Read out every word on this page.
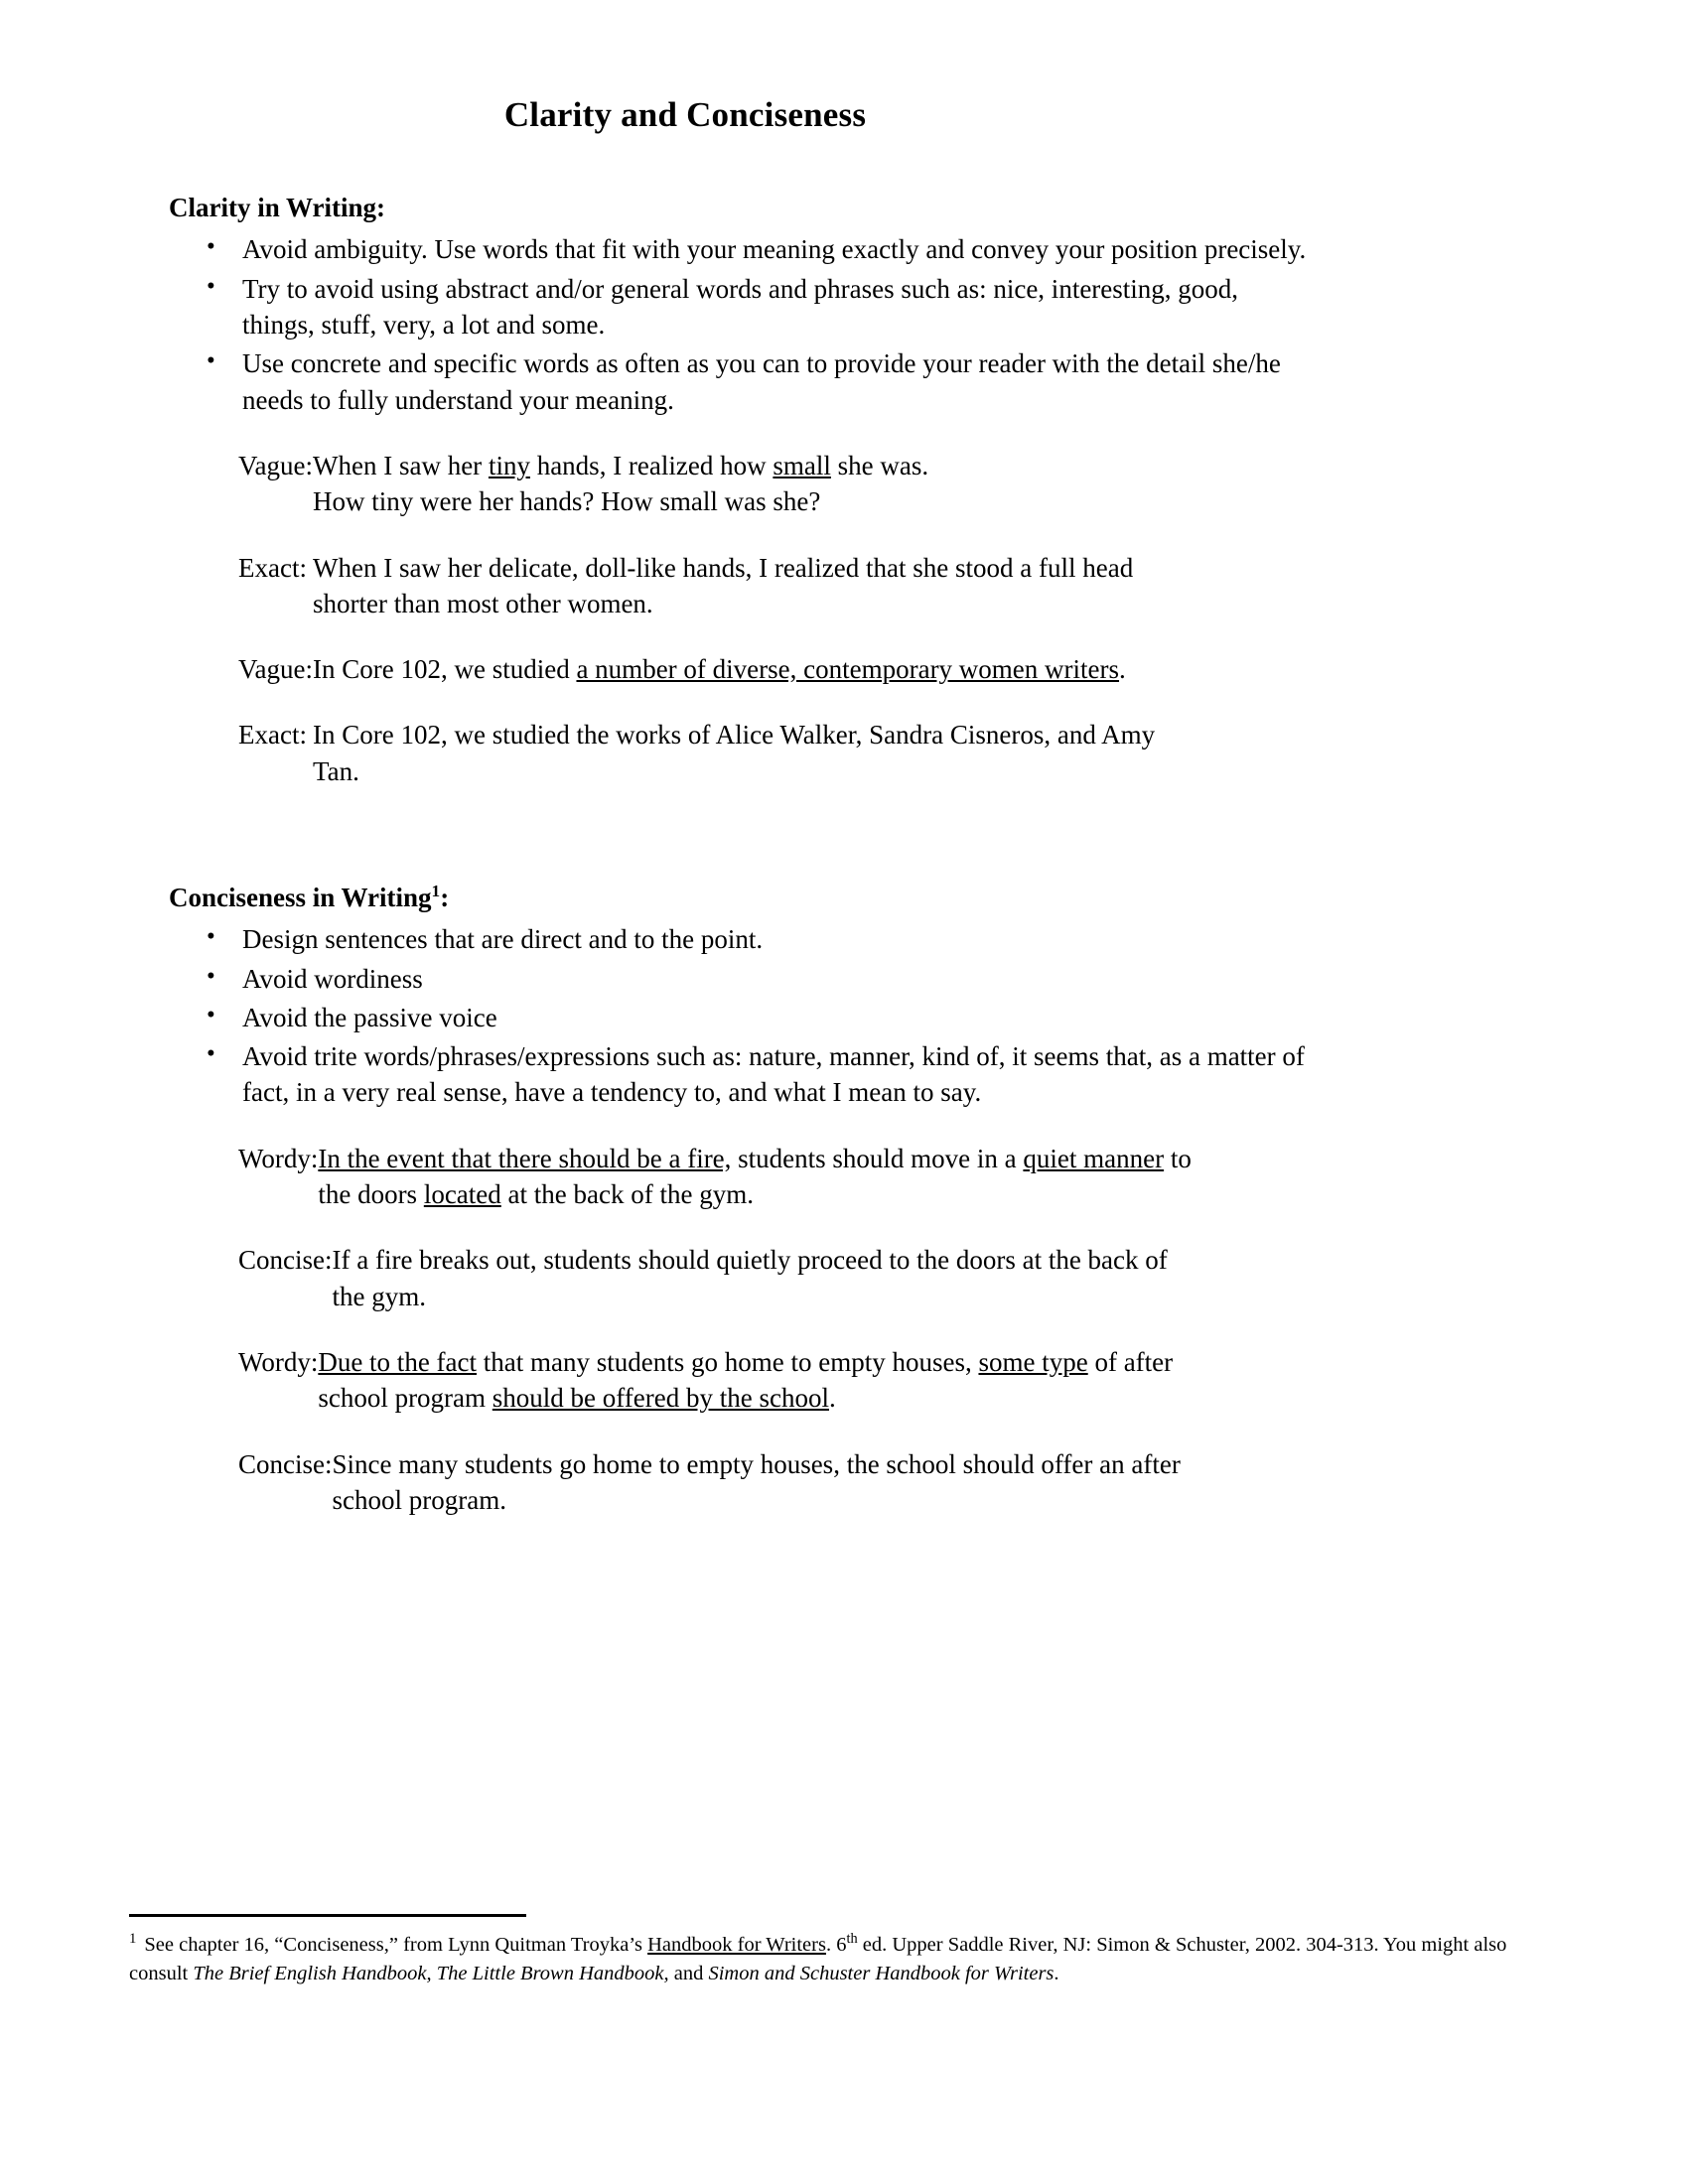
Clarity and Conciseness
Clarity in Writing:
• Avoid ambiguity. Use words that fit with your meaning exactly and convey your position precisely.
• Try to avoid using abstract and/or general words and phrases such as: nice, interesting, good, things, stuff, very, a lot and some.
• Use concrete and specific words as often as you can to provide your reader with the detail she/he needs to fully understand your meaning.
Vague: When I saw her tiny hands, I realized how small she was.
How tiny were her hands? How small was she?
Exact: When I saw her delicate, doll-like hands, I realized that she stood a full head shorter than most other women.
Vague: In Core 102, we studied a number of diverse, contemporary women writers.
Exact: In Core 102, we studied the works of Alice Walker, Sandra Cisneros, and Amy Tan.
Conciseness in Writing$^1$:
• Design sentences that are direct and to the point.
• Avoid wordiness
• Avoid the passive voice
• Avoid trite words/phrases/expressions such as: nature, manner, kind of, it seems that, as a matter of fact, in a very real sense, have a tendency to, and what I mean to say.
Wordy: In the event that there should be a fire, students should move in a quiet manner to the doors located at the back of the gym.
Concise: If a fire breaks out, students should quietly proceed to the doors at the back of the gym.
Wordy: Due to the fact that many students go home to empty houses, some type of after school program should be offered by the school.
Concise: Since many students go home to empty houses, the school should offer an after school program.
$^1$ See chapter 16, “Conciseness,” from Lynn Quitman Troyka’s Handbook for Writers. 6th ed. Upper Saddle River, NJ: Simon & Schuster, 2002. 304-313. You might also consult The Brief English Handbook, The Little Brown Handbook, and Simon and Schuster Handbook for Writers.
